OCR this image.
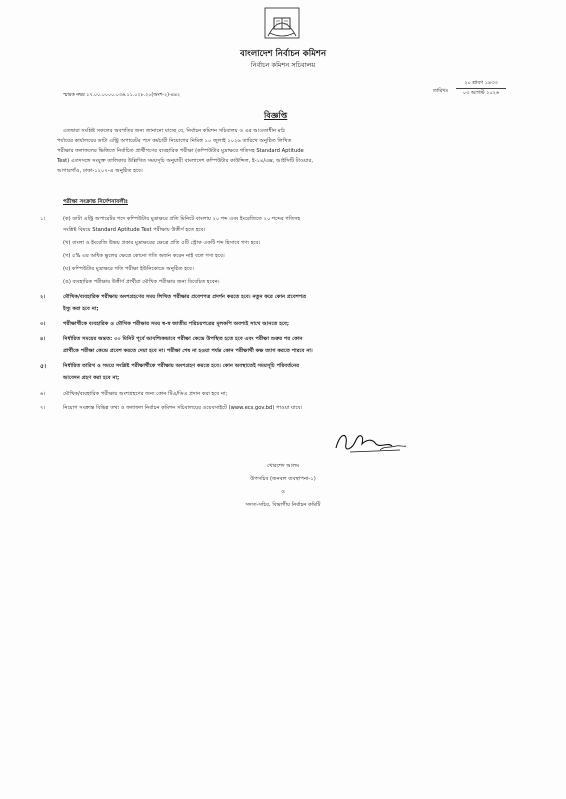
বাংলাদেশ নির্বাচন কমিশন
নির্বাচন কমিশন সচিবালয়
স্মারক নম্বর ১৭.০০.০০০০.০৩৬.১১.০২৮.২০(অংশ-২)-৪৪২
তারিখঃ
২০ শ্রাবণ ১৪৩৩
০৩ আগস্ট ২০২৬
বিজ্ঞপ্তি

এতদ্বারা সংশ্লিষ্ট সকলের অবগতির জন্য জানানো যাচ্ছে যে, নির্বাচন কমিশন সচিবালয় ও এর আওতাধীন মাঠ

পর্যায়ের কার্যালয়ের ডাটা এন্ট্রি অপারেটর পদে কর্মচারী নিয়োগের নিমিত্ত ১০ জুলাই ২০২৬ তারিখে অনুষ্ঠিত লিখিত

পরীক্ষার ফলাফলের ভিত্তিতে নির্বাচিত প্রার্থীগণের ব্যবহারিক পরীক্ষা (কম্পিউটার মুদ্রাক্ষরে গতিসহ Standard Aptitude

Test) এতদসঙ্গে সংযুক্ত তালিকায় উল্লিখিত সময়সূচি অনুযায়ী বাংলাদেশ কম্পিউটার কাউন্সিল, ই-১৪/এক্স, আইসিটি টাওয়ার,

আগারগাঁও, ঢাকা-১২০৭-এ অনুষ্ঠিত হবে।

পরীক্ষা সংক্রান্ত নির্দেশনাবলীঃ
১।	(ক) ডাটা এন্ট্রি অপারেটর পদে কম্পিউটার মুদ্রাক্ষরে প্রতি মিনিটে বাংলায় ২০ শব্দ এবং ইংরেজিতে ২০ শব্দের গতিসহ
সংশ্লিষ্ট বিষয়ে Standard Aptitude Test পরীক্ষায় উত্তীর্ণ হতে হবে।
(খ) বাংলা ও ইংরেজি উভয় প্রকার মুদ্রাক্ষরের ক্ষেত্রে প্রতি ৫টি স্ট্রোক একটি শব্দ হিসাবে গণ্য হবে।
(গ) ৫% এর অধিক ভুলের ক্ষেত্রে কোনো গতি অর্জন করেন নাই বলে গণ্য হবে।
(ঘ) কম্পিউটার মুদ্রাক্ষরে গতি পরীক্ষা ইউনিকোডে অনুষ্ঠিত হবে।
(ঙ) ব্যবহারিক পরীক্ষায় উত্তীর্ণ প্রার্থীরা মৌখিক পরীক্ষার জন্য বিবেচিত হবেন।
২।	মৌখিক/ব্যবহারিক পরীক্ষায় অংশগ্রহণের সময় লিখিত পরীক্ষার প্রবেশপত্র প্রদর্শন করতে হবে। নতুন করে কোন প্রবেশপত্র
ইস্যু করা হবে না;
৩।	পরীক্ষার্থীকে ব্যবহারিক ও মৌখিক পরীক্ষার সময় স্ব-স্ব জাতীয় পরিচয়পত্রের মূলকপি অবশ্যই সাথে আনতে হবে;
৪।	নির্ধারিত সময়ের অন্তত: ৩০ মিনিট পূর্বে আবশ্যিকভাবে পরীক্ষা কেন্দ্রে উপস্থিত হতে হবে এবং পরীক্ষা শুরুর পর কোন
প্রার্থীকে পরীক্ষা কেন্দ্রে প্রবেশ করতে দেয়া হবে না। পরীক্ষা শেষ না হওয়া পর্যন্ত কোন পরীক্ষার্থী কক্ষ ত্যাগ করতে পারবে না।
৫।	নির্ধারিত তারিখ ও সময়ে সংশ্লিষ্ট পরীক্ষার্থীকে পরীক্ষায় অংশগ্রহণ করতে হবে। কোন অবস্থাতেই সময়সূচি পরিবর্তনের
আবেদন গ্রহণ করা হবে না;
৬।	মৌখিক/ব্যবহারিক পরীক্ষায় অংশগ্রহণের জন্য কোন টিএ/ডিএ প্রদান করা হবে না;
৭।	নিয়োগ সংক্রান্ত বিভিন্ন তথ্য ও ফলাফল নির্বাচন কমিশন সচিবালয়ের ওয়েবসাইটে (www.ecs.gov.bd) পাওয়া যাবে।

খোরশেদ আলম

উপসচিব (জনবল ব্যবস্থাপনা-১)

ও

সদস্য-সচিব, বিভাগীয় নির্বাচন কমিটি
